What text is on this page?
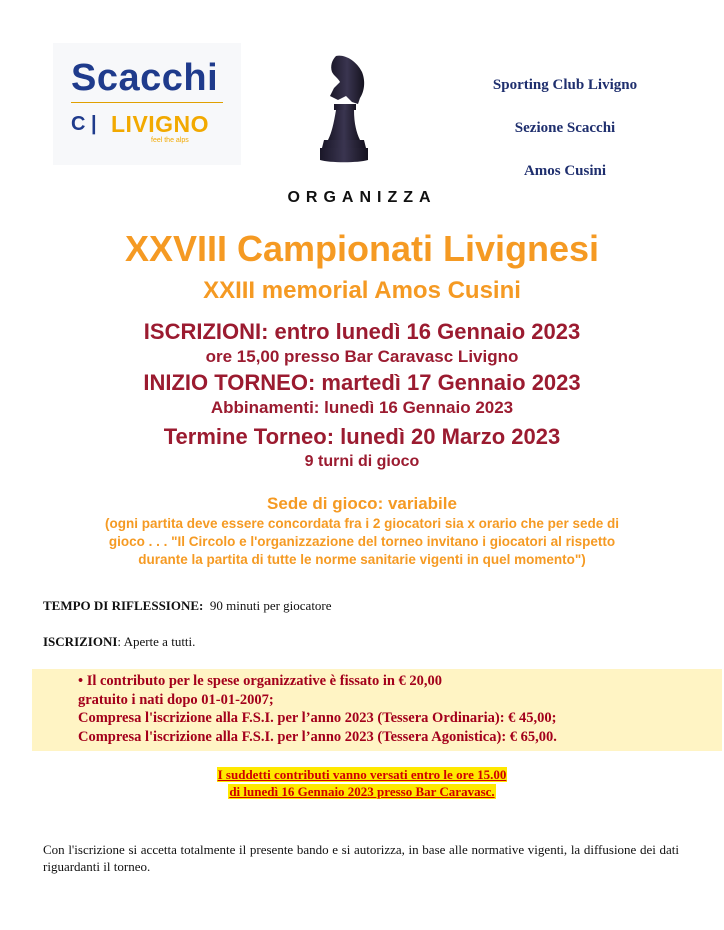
Scacchi
C | LIVIGNO
feel the alps
Sporting Club Livigno
Sezione Scacchi
Amos Cusini
ORGANIZZA
XXVIII Campionati Livignesi
XXIII memorial Amos Cusini
ISCRIZIONI: entro lunedì 16 Gennaio 2023
ore 15,00 presso Bar Caravasc Livigno
INIZIO TORNEO: martedì 17 Gennaio 2023
Abbinamenti: lunedì 16 Gennaio 2023
Termine Torneo: lunedì 20 Marzo 2023
9 turni di gioco
Sede di gioco: variabile
(ogni partita deve essere concordata fra i 2 giocatori sia x orario che per sede di
gioco . . . "Il Circolo e l'organizzazione del torneo invitano i giocatori al rispetto
durante la partita di tutte le norme sanitarie vigenti in quel momento")
TEMPO DI RIFLESSIONE: 90 minuti per giocatore
ISCRIZIONI: Aperte a tutti.
• Il contributo per le spese organizzative è fissato in € 20,00
gratuito i nati dopo 01-01-2007;
Compresa l'iscrizione alla F.S.I. per l’anno 2023 (Tessera Ordinaria): € 45,00;
Compresa l'iscrizione alla F.S.I. per l’anno 2023 (Tessera Agonistica): € 65,00.
I suddetti contributi vanno versati entro le ore 15.00
di lunedì 16 Gennaio 2023 presso Bar Caravasc.
Con l'iscrizione si accetta totalmente il presente bando e si autorizza, in base alle normative vigenti, la diffusione dei dati riguardanti il torneo.
